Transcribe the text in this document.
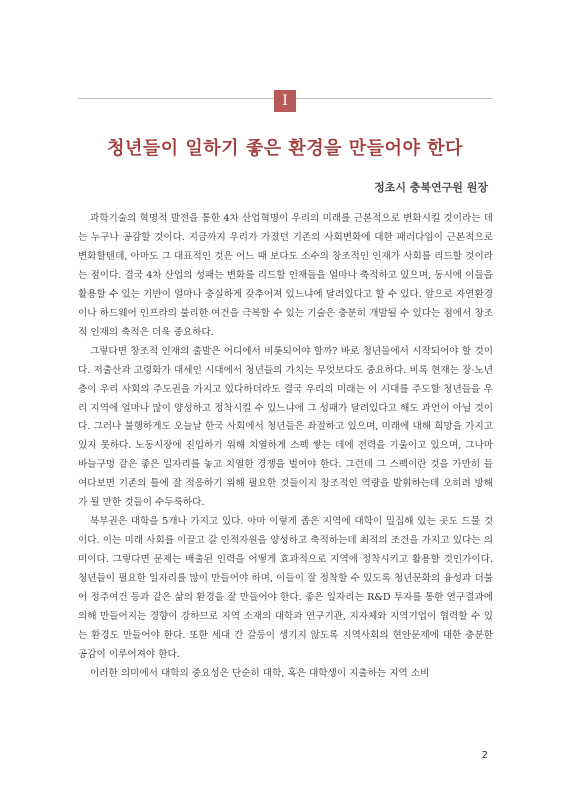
I
청년들이 일하기 좋은 환경을 만들어야 한다
정초시 충북연구원 원장

과학기술의 혁명적 발전을 통한 4차 산업혁명이 우리의 미래를 근본적으로 변화시킬 것이라는 데는 누구나 공감할 것이다. 지금까지 우리가 가졌던 기존의 사회변화에 대한 패러다임이 근본적으로 변화할텐데, 아마도 그 대표적인 것은 어느 때 보다도 소수의 창조적인 인재가 사회를 리드할 것이라는 점이다. 결국 4차 산업의 성패는 변화를 리드할 인재들을 얼마나 축적하고 있으며, 동시에 이들을 활용할 수 있는 기반이 얼마나 충실하게 갖추어져 있느냐에 달려있다고 할 수 있다. 앞으로 자연환경이나 하드웨어 인프라의 불리한 여건을 극복할 수 있는 기술은 충분히 개발될 수 있다는 점에서 창조적 인재의 축적은 더욱 중요하다.

그렇다면 창조적 인재의 출발은 어디에서 비롯되어야 할까? 바로 청년들에서 시작되어야 할 것이다. 저출산과 고령화가 대세인 시대에서 청년들의 가치는 무엇보다도 중요하다. 비록 현재는 장·노년층이 우리 사회의 주도권을 가지고 있다하더라도 결국 우리의 미래는 이 시대를 주도할 청년들을 우리 지역에 얼마나 많이 양성하고 정착시킬 수 있느냐에 그 성패가 달려있다고 해도 과언이 아닐 것이다. 그러나 불행하게도 오늘날 한국 사회에서 청년들은 좌절하고 있으며, 미래에 대해 희망을 가지고 있지 못하다. 노동시장에 진입하기 위해 치열하게 스펙 쌓는 데에 전력을 기울이고 있으며, 그나마 바늘구멍 같은 좋은 일자리를 놓고 치열한 경쟁을 벌여야 한다. 그런데 그 스펙이란 것을 가만히 들여다보면 기존의 틀에 잘 적응하기 위해 필요한 것들이지 창조적인 역량을 발휘하는데 오히려 방해가 될 만한 것들이 수두룩하다.

북부권은 대학을 5개나 가지고 있다. 아마 이렇게 좁은 지역에 대학이 밀집해 있는 곳도 드물 것이다. 이는 미래 사회를 이끌고 갈 인적자원을 양성하고 축적하는데 최적의 조건을 가지고 있다는 의미이다. 그렇다면 문제는 배출된 인력을 어떻게 효과적으로 지역에 정착시키고 활용할 것인가이다. 청년들이 필요한 일자리를 많이 만들어야 하며, 이들이 잘 정착할 수 있도록 청년문화의 융성과 더불어 정주여건 등과 같은 삶의 환경을 잘 만들어야 한다. 좋은 일자리는 R&D 투자를 통한 연구결과에 의해 만들어지는 경향이 강하므로 지역 소재의 대학과 연구기관, 지자체와 지역기업이 협력할 수 있는 환경도 만들어야 한다. 또한 세대 간 갈등이 생기지 않도록 지역사회의 현안문제에 대한 충분한 공감이 이루어져야 한다.

이러한 의미에서 대학의 중요성은 단순히 대학, 혹은 대학생이 지출하는 지역 소비

2
